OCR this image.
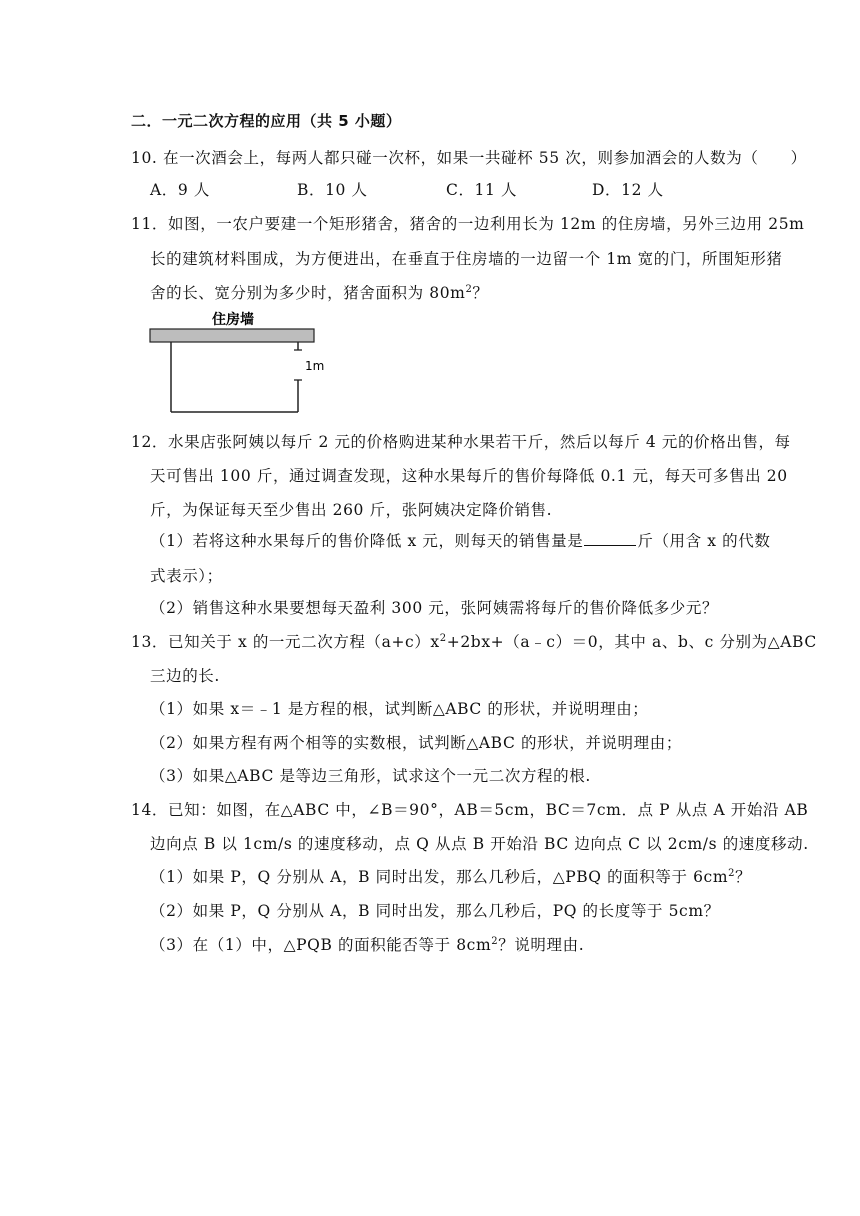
二．一元二次方程的应用（共 5 小题）
10. 在一次酒会上，每两人都只碰一次杯，如果一共碰杯 55 次，则参加酒会的人数为（　　）
A．9 人	B．10 人	C．11 人	D．12 人
11．如图，一农户要建一个矩形猪舍，猪舍的一边利用长为 12m 的住房墙，另外三边用 25m
长的建筑材料围成，为方便进出，在垂直于住房墙的一边留一个 1m 宽的门，所围矩形猪
舍的长、宽分别为多少时，猪舍面积为 $80m^2$？
住房墙
1m
12．水果店张阿姨以每斤 2 元的价格购进某种水果若干斤，然后以每斤 4 元的价格出售，每
天可售出 100 斤，通过调查发现，这种水果每斤的售价每降低 0.1 元，每天可多售出 20
斤，为保证每天至少售出 260 斤，张阿姨决定降价销售.
（1）若将这种水果每斤的售价降低 x 元，则每天的销售量是	斤（用含 x 的代数
式表示）；
（2）销售这种水果要想每天盈利 300 元，张阿姨需将每斤的售价降低多少元？
13．已知关于 x 的一元二次方程$(a+c)x^2+2bx+(a﹣c)=0$，其中 a、b、c 分别为△ABC
三边的长.
（1）如果 x＝﹣1 是方程的根，试判断△ABC 的形状，并说明理由；
（2）如果方程有两个相等的实数根，试判断△ABC 的形状，并说明理由；
（3）如果△ABC 是等边三角形，试求这个一元二次方程的根.
14．已知：如图，在△ABC 中，∠B＝90°，AB＝5cm，BC＝7cm．点 P 从点 A 开始沿 AB
边向点 B 以 1cm/s 的速度移动，点 Q 从点 B 开始沿 BC 边向点 C 以 2cm/s 的速度移动.
（1）如果 P，Q 分别从 A，B 同时出发，那么几秒后，△PBQ 的面积等于 $6cm^2$？
（2）如果 P，Q 分别从 A，B 同时出发，那么几秒后，PQ 的长度等于 5cm？
（3）在（1）中，△PQB 的面积能否等于 $8cm^2$？说明理由.
